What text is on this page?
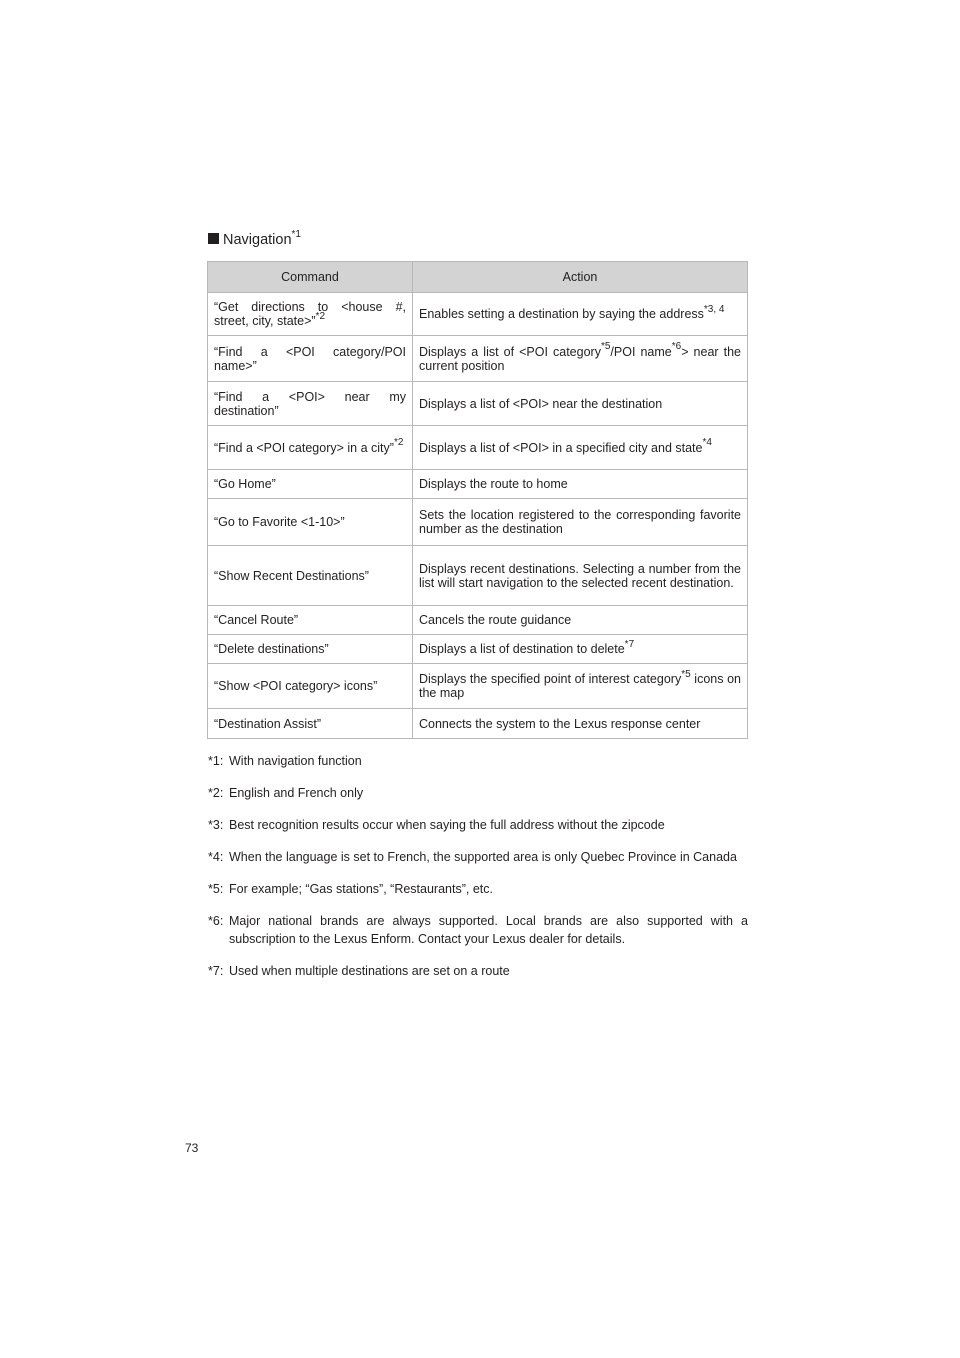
Navigation$^{*1}$
Command	Action
“Get directions to <house #, street, city, state>”$^{*2}$	Enables setting a destination by saying the address$^{*3, 4}$
“Find a <POI category/POI name>”	Displays a list of <POI category$^{*5}$/POI name$^{*6}$> near the current position
“Find a <POI> near my destination”	Displays a list of <POI> near the destination
“Find a <POI category> in a city”$^{*2}$	Displays a list of <POI> in a specified city and state$^{*4}$
“Go Home”	Displays the route to home
“Go to Favorite <1-10>”	Sets the location registered to the corresponding favorite number as the destination
“Show Recent Destinations”	Displays recent destinations. Selecting a number from the list will start navigation to the selected recent destination.
“Cancel Route”	Cancels the route guidance
“Delete destinations”	Displays a list of destination to delete$^{*7}$
“Show <POI category> icons”	Displays the specified point of interest category$^{*5}$ icons on the map
“Destination Assist”	Connects the system to the Lexus response center
*1: With navigation function
*2: English and French only
*3: Best recognition results occur when saying the full address without the zipcode
*4: When the language is set to French, the supported area is only Quebec Province in Canada
*5: For example; “Gas stations”, “Restaurants”, etc.
*6: Major national brands are always supported. Local brands are also supported with a subscription to the Lexus Enform. Contact your Lexus dealer for details.
*7: Used when multiple destinations are set on a route
73
